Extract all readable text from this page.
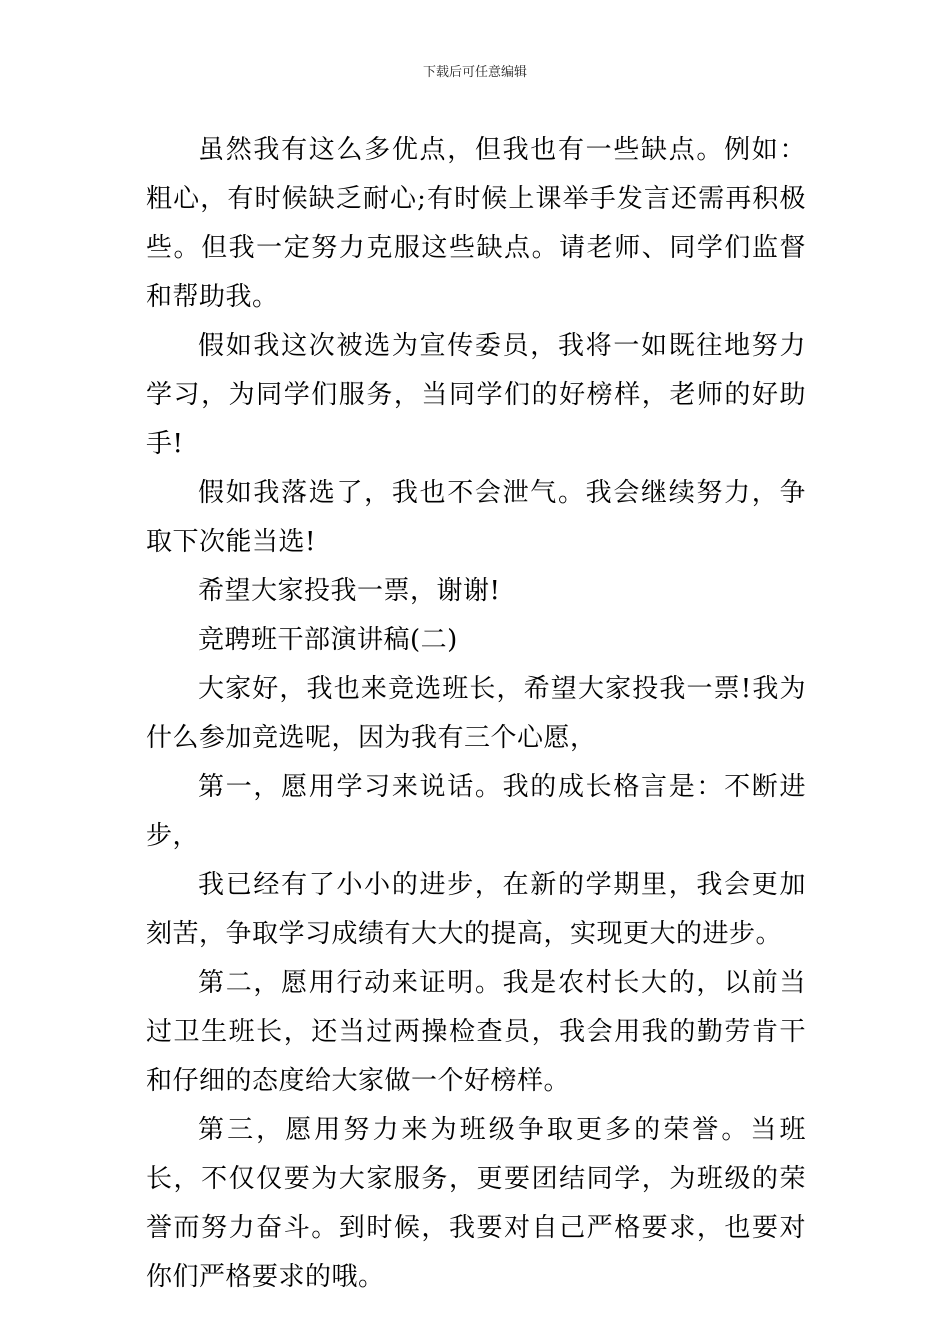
下载后可任意编辑

虽然我有这么多优点，但我也有一些缺点。例如：粗心，有时候缺乏耐心;有时候上课举手发言还需再积极些。但我一定努力克服这些缺点。请老师、同学们监督和帮助我。

假如我这次被选为宣传委员，我将一如既往地努力学习，为同学们服务，当同学们的好榜样，老师的好助手!

假如我落选了，我也不会泄气。我会继续努力，争取下次能当选!

希望大家投我一票，谢谢!

竞聘班干部演讲稿(二)

大家好，我也来竞选班长，希望大家投我一票!我为什么参加竞选呢，因为我有三个心愿，

第一，愿用学习来说话。我的成长格言是：不断进步，

我已经有了小小的进步，在新的学期里，我会更加刻苦，争取学习成绩有大大的提高，实现更大的进步。

第二，愿用行动来证明。我是农村长大的，以前当过卫生班长，还当过两操检查员，我会用我的勤劳肯干和仔细的态度给大家做一个好榜样。

第三，愿用努力来为班级争取更多的荣誉。当班长，不仅仅要为大家服务，更要团结同学，为班级的荣誉而努力奋斗。到时候，我要对自己严格要求，也要对你们严格要求的哦。
